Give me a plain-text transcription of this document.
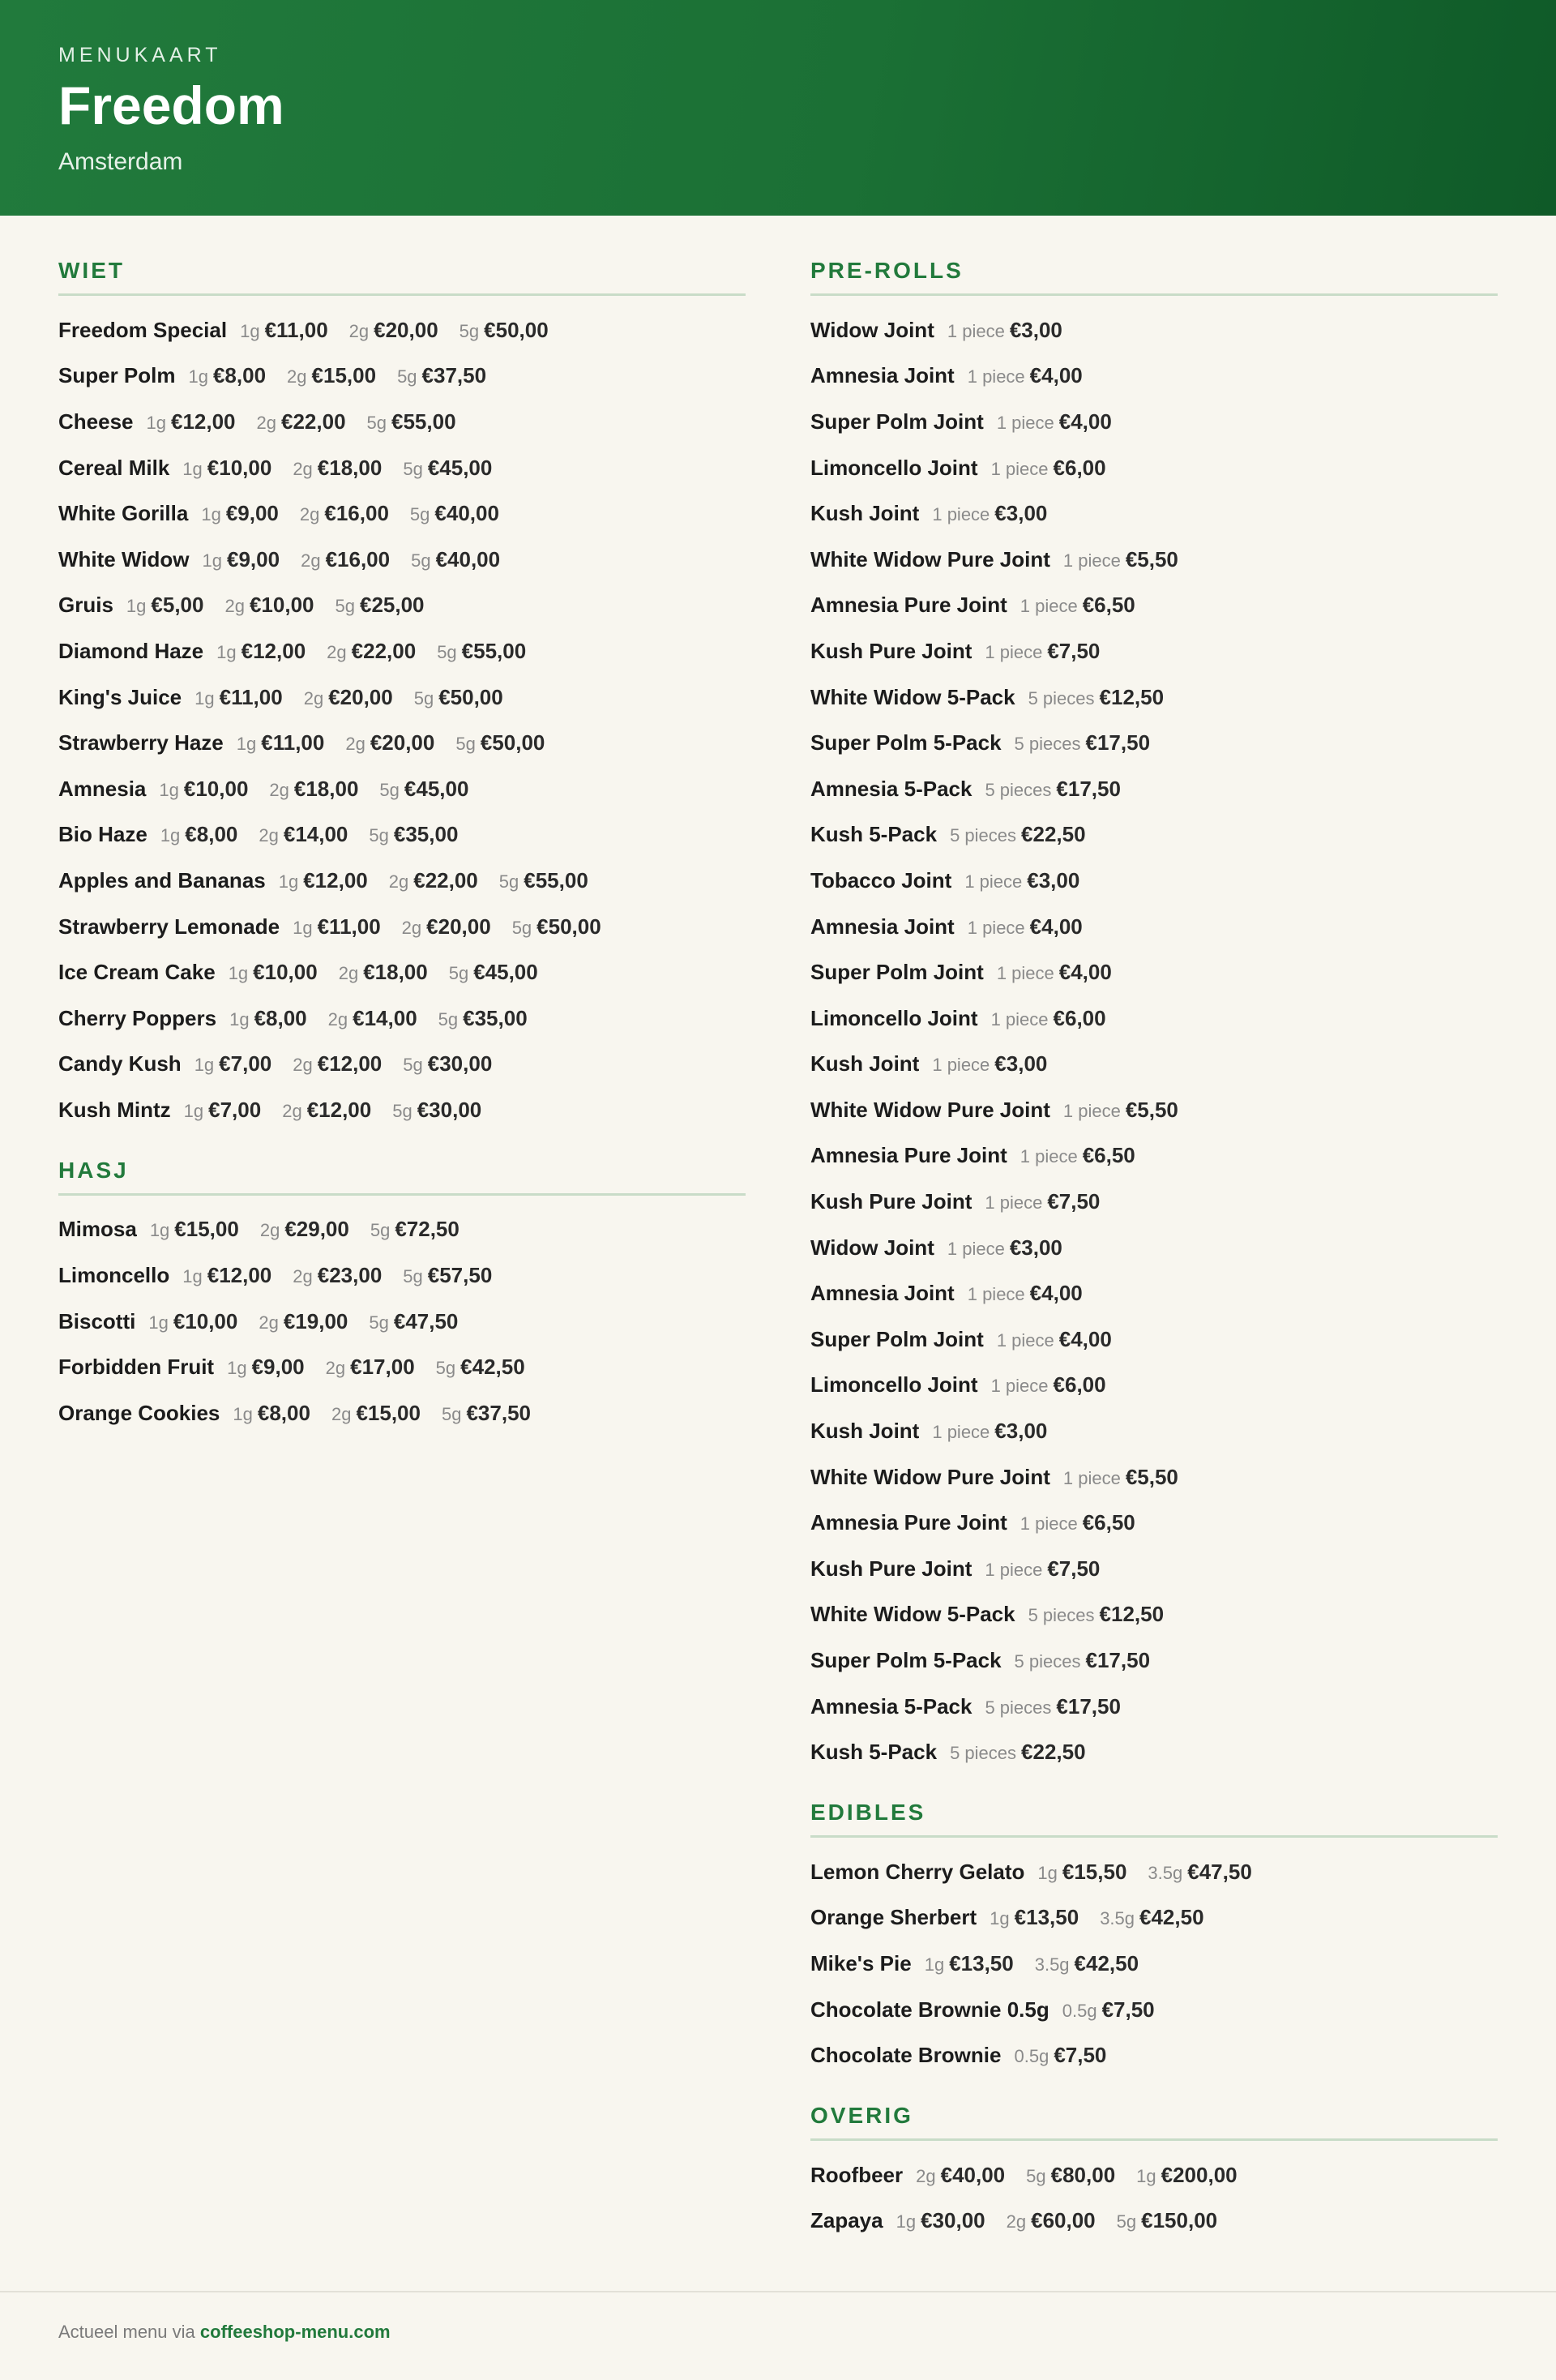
MENUKAART
Freedom
Amsterdam
WIET
Freedom Special 1g €11,00 2g €20,00 5g €50,00
Super Polm 1g €8,00 2g €15,00 5g €37,50
Cheese 1g €12,00 2g €22,00 5g €55,00
Cereal Milk 1g €10,00 2g €18,00 5g €45,00
White Gorilla 1g €9,00 2g €16,00 5g €40,00
White Widow 1g €9,00 2g €16,00 5g €40,00
Gruis 1g €5,00 2g €10,00 5g €25,00
Diamond Haze 1g €12,00 2g €22,00 5g €55,00
King's Juice 1g €11,00 2g €20,00 5g €50,00
Strawberry Haze 1g €11,00 2g €20,00 5g €50,00
Amnesia 1g €10,00 2g €18,00 5g €45,00
Bio Haze 1g €8,00 2g €14,00 5g €35,00
Apples and Bananas 1g €12,00 2g €22,00 5g €55,00
Strawberry Lemonade 1g €11,00 2g €20,00 5g €50,00
Ice Cream Cake 1g €10,00 2g €18,00 5g €45,00
Cherry Poppers 1g €8,00 2g €14,00 5g €35,00
Candy Kush 1g €7,00 2g €12,00 5g €30,00
Kush Mintz 1g €7,00 2g €12,00 5g €30,00
HASJ
Mimosa 1g €15,00 2g €29,00 5g €72,50
Limoncello 1g €12,00 2g €23,00 5g €57,50
Biscotti 1g €10,00 2g €19,00 5g €47,50
Forbidden Fruit 1g €9,00 2g €17,00 5g €42,50
Orange Cookies 1g €8,00 2g €15,00 5g €37,50
PRE-ROLLS
Widow Joint 1 piece €3,00
Amnesia Joint 1 piece €4,00
Super Polm Joint 1 piece €4,00
Limoncello Joint 1 piece €6,00
Kush Joint 1 piece €3,00
White Widow Pure Joint 1 piece €5,50
Amnesia Pure Joint 1 piece €6,50
Kush Pure Joint 1 piece €7,50
White Widow 5-Pack 5 pieces €12,50
Super Polm 5-Pack 5 pieces €17,50
Amnesia 5-Pack 5 pieces €17,50
Kush 5-Pack 5 pieces €22,50
Tobacco Joint 1 piece €3,00
Amnesia Joint 1 piece €4,00
Super Polm Joint 1 piece €4,00
Limoncello Joint 1 piece €6,00
Kush Joint 1 piece €3,00
White Widow Pure Joint 1 piece €5,50
Amnesia Pure Joint 1 piece €6,50
Kush Pure Joint 1 piece €7,50
Widow Joint 1 piece €3,00
Amnesia Joint 1 piece €4,00
Super Polm Joint 1 piece €4,00
Limoncello Joint 1 piece €6,00
Kush Joint 1 piece €3,00
White Widow Pure Joint 1 piece €5,50
Amnesia Pure Joint 1 piece €6,50
Kush Pure Joint 1 piece €7,50
White Widow 5-Pack 5 pieces €12,50
Super Polm 5-Pack 5 pieces €17,50
Amnesia 5-Pack 5 pieces €17,50
Kush 5-Pack 5 pieces €22,50
EDIBLES
Lemon Cherry Gelato 1g €15,50 3.5g €47,50
Orange Sherbert 1g €13,50 3.5g €42,50
Mike's Pie 1g €13,50 3.5g €42,50
Chocolate Brownie 0.5g 0.5g €7,50
Chocolate Brownie 0.5g €7,50
OVERIG
Roofbeer 2g €40,00 5g €80,00 1g €200,00
Zapaya 1g €30,00 2g €60,00 5g €150,00
Actueel menu via coffeeshop-menu.com
